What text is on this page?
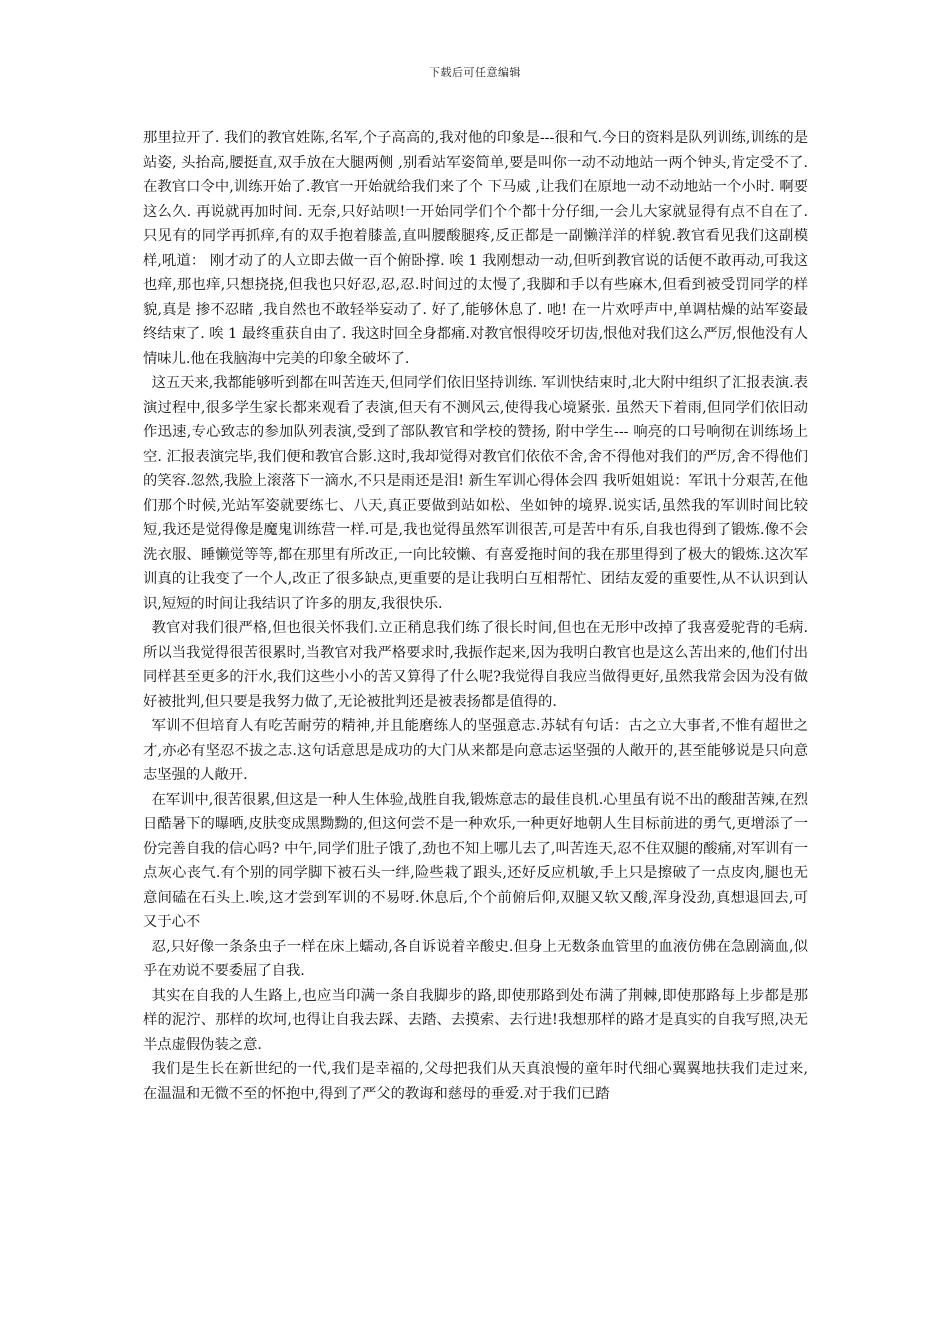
下载后可任意编辑

那里拉开了. 我们的教官姓陈,名军,个子高高的,我对他的印象是---很和气.今日的资料是队列训练,训练的是站姿, 头抬高,腰挺直,双手放在大腿两侧 ,别看站军姿简单,要是叫你一动不动地站一两个钟头,肯定受不了. 在教官口令中,训练开始了.教官一开始就给我们来了个 下马威 ,让我们在原地一动不动地站一个小时. 啊要这么久. 再说就再加时间. 无奈,只好站呗!一开始同学们个个都十分仔细,一会儿大家就显得有点不自在了.只见有的同学再抓痒,有的双手抱着膝盖,直叫腰酸腿疼,反正都是一副懒洋洋的样貌.教官看见我们这副模样,吼道： 刚才动了的人立即去做一百个俯卧撑. 唉 1 我刚想动一动,但听到教官说的话便不敢再动,可我这也痒,那也痒,只想挠挠,但我也只好忍,忍,忍.时间过的太慢了,我脚和手以有些麻木,但看到被受罚同学的样貌,真是 掺不忍睹 ,我自然也不敢轻举妄动了. 好了,能够休息了. 吔! 在一片欢呼声中,单调枯燥的站军姿最终结束了. 唉 1 最终重获自由了. 我这时回全身都痛.对教官恨得咬牙切齿,恨他对我们这么严厉,恨他没有人情味儿.他在我脑海中完美的印象全破坏了.

这五天来,我都能够听到都在叫苦连天,但同学们依旧坚持训练. 军训快结束时,北大附中组织了汇报表演.表演过程中,很多学生家长都来观看了表演,但天有不测风云,使得我心境紧张. 虽然天下着雨,但同学们依旧动作迅速,专心致志的参加队列表演,受到了部队教官和学校的赞扬, 附中学生--- 响亮的口号响彻在训练场上空. 汇报表演完毕,我们便和教官合影.这时,我却觉得对教官们依依不舍,舍不得他对我们的严厉,舍不得他们的笑容.忽然,我脸上滚落下一滴水,不只是雨还是泪! 新生军训心得体会四 我听姐姐说：军讯十分艰苦,在他们那个时候,光站军姿就要练七、八天,真正要做到站如松、坐如钟的境界.说实话,虽然我的军训时间比较短,我还是觉得像是魔鬼训练营一样.可是,我也觉得虽然军训很苦,可是苦中有乐,自我也得到了锻炼.像不会洗衣服、睡懒觉等等,都在那里有所改正,一向比较懒、有喜爱拖时间的我在那里得到了极大的锻炼.这次军训真的让我变了一个人,改正了很多缺点,更重要的是让我明白互相帮忙、团结友爱的重要性,从不认识到认识,短短的时间让我结识了许多的朋友,我很快乐.

教官对我们很严格,但也很关怀我们.立正稍息我们练了很长时间,但也在无形中改掉了我喜爱驼背的毛病.所以当我觉得很苦很累时,当教官对我严格要求时,我振作起来,因为我明白教官也是这么苦出来的,他们付出同样甚至更多的汗水,我们这些小小的苦又算得了什么呢?我觉得自我应当做得更好,虽然我常会因为没有做好被批判,但只要是我努力做了,无论被批判还是被表扬都是值得的.

军训不但培育人有吃苦耐劳的精神,并且能磨练人的坚强意志.苏轼有句话：古之立大事者,不惟有超世之才,亦必有坚忍不拔之志.这句话意思是成功的大门从来都是向意志运坚强的人敞开的,甚至能够说是只向意志坚强的人敞开.

在军训中,很苦很累,但这是一种人生体验,战胜自我,锻炼意志的最佳良机.心里虽有说不出的酸甜苦辣,在烈日酷暑下的曝晒,皮肤变成黑黝黝的,但这何尝不是一种欢乐,一种更好地朝人生目标前进的勇气,更增添了一份完善自我的信心吗? 中午,同学们肚子饿了,劲也不知上哪儿去了,叫苦连天,忍不住双腿的酸痛,对军训有一点灰心丧气.有个别的同学脚下被石头一绊,险些栽了跟头,还好反应机敏,手上只是擦破了一点皮肉,腿也无意间磕在石头上.唉,这才尝到军训的不易呀.休息后,个个前俯后仰,双腿又软又酸,浑身没劲,真想退回去,可又于心不

忍,只好像一条条虫子一样在床上蠕动,各自诉说着辛酸史.但身上无数条血管里的血液仿佛在急剧滴血,似乎在劝说不要委屈了自我.

其实在自我的人生路上,也应当印满一条自我脚步的路,即使那路到处布满了荆棘,即使那路每上步都是那样的泥泞、那样的坎坷,也得让自我去踩、去踏、去摸索、去行进!我想那样的路才是真实的自我写照,决无半点虚假伪装之意.

我们是生长在新世纪的一代,我们是幸福的,父母把我们从天真浪慢的童年时代细心翼翼地扶我们走过来,在温温和无微不至的怀抱中,得到了严父的教诲和慈母的垂爱.对于我们已踏
